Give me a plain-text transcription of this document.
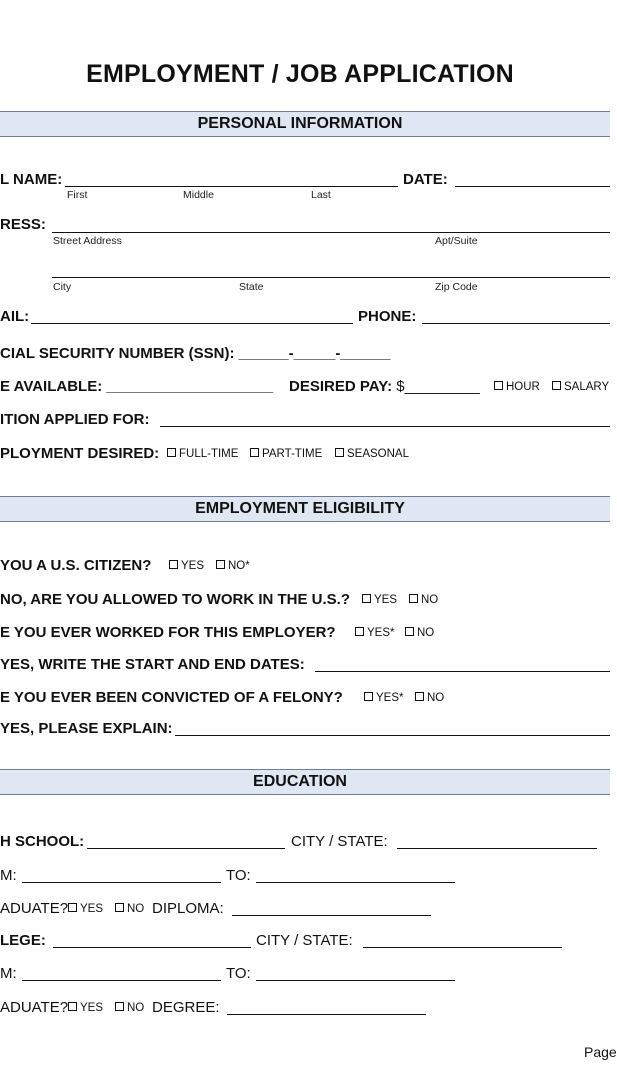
EMPLOYMENT / JOB APPLICATION
PERSONAL INFORMATION
L NAME:
First	Middle	Last
DATE:
RESS:
Street Address	Apt/Suite
City	State	Zip Code
AIL:	PHONE:
CIAL SECURITY NUMBER (SSN): ______-_____-______
E AVAILABLE: ____________________ DESIRED PAY: $_________	HOUR	SALARY
ITION APPLIED FOR:
PLOYMENT DESIRED:	FULL-TIME	PART-TIME	SEASONAL
EMPLOYMENT ELIGIBILITY
YOU A U.S. CITIZEN?	YES	NO*
NO, ARE YOU ALLOWED TO WORK IN THE U.S.?	YES	NO
E YOU EVER WORKED FOR THIS EMPLOYER?	YES*	NO
YES, WRITE THE START AND END DATES:
E YOU EVER BEEN CONVICTED OF A FELONY?	YES*	NO
YES, PLEASE EXPLAIN:
EDUCATION
H SCHOOL:	CITY / STATE:
M:	TO:
ADUATE?	YES	NO DIPLOMA:
LEGE:	CITY / STATE:
M:	TO:
ADUATE?	YES	NO DEGREE:
Page
